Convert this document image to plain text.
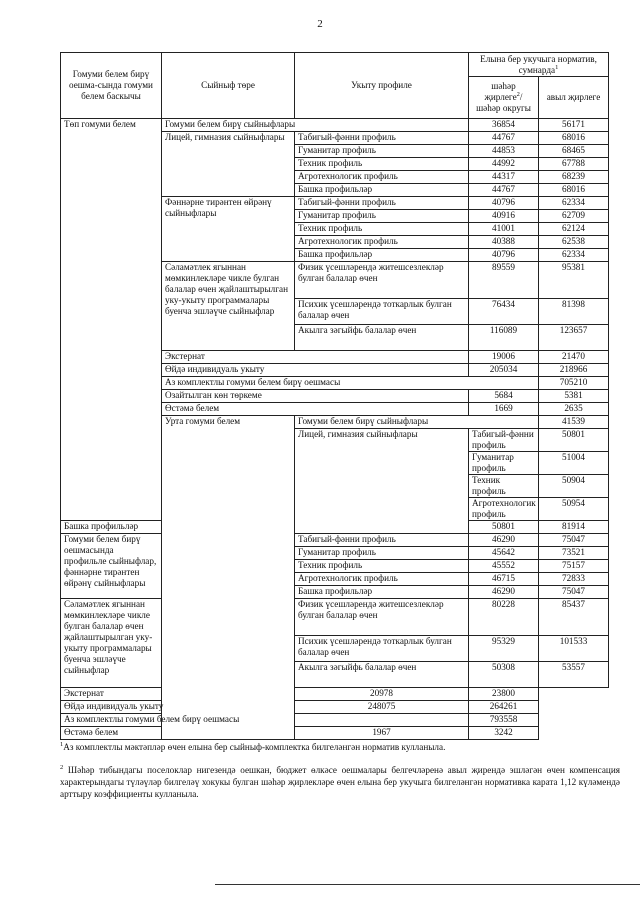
2
Гомуми белем бирү оешма-сында гомуми белем баскычы	Сыйныф төре	Укыту профиле	Елына бер укучыга норматив, сумнарда$^1$
			шәһәр җирлеге$^2$/ шәһәр округы	авыл җирлеге	
Төп гомуми белем	Гомуми белем бирү сыйныфлары		36854	56171	
	Лицей, гимназия сыйныфлары	Табигый-фәнни профиль	44767	68016	
		Гуманитар профиль	44853	68465	
		Техник профиль	44992	67788	
		Агротехнологик профиль	44317	68239	
		Башка профильләр	44767	68016	
	Фәннәрне тирәнтен өйрәнү сыйныфлары	Табигый-фәнни профиль	40796	62334	
		Гуманитар профиль	40916	62709	
		Техник профиль	41001	62124	
		Агротехнологик профиль	40388	62538	
		Башка профильләр	40796	62334	
	Сәламәтлек ягыннан мөмкинлекләре чикле булган балалар өчен җайлаштырылган уку-укыту программалары буенча эшләүче сыйныфлар	Физик үсешләрендә житешсезлекләр булган балалар өчен	89559	95381	
		Психик үсешләрендә тоткарлык булган балалар өчен	76434	81398	
		Акылга зәгыйфь балалар өчен	116089	123657	
	Экстернат		19006	21470	
	Өйдә индивидуаль укыту		205034	218966	
	Аз комплектлы гомуми белем бирү оешмасы			705210	
	Озайтылган көн төркеме		5684	5381	
	Өстәмә белем		1669	2635	
	Урта гомуми белем	Гомуми белем бирү сыйныфлары		41539	
		Лицей, гимназия сыйныфлары	Табигый-фәнни профиль	50801	
			Гуманитар профиль	51004	
			Техник профиль	50904	
			Агротехнологик профиль	50954	
Башка профильләр			50801	81914	
Гомуми белем бирү оешмасында профильле сыйныфлар, фәннәрне тирәнтен өйрәнү сыйныфлары		Табигый-фәнни профиль	46290	75047	
		Гуманитар профиль	45642	73521	
		Техник профиль	45552	75157	
		Агротехнологик профиль	46715	72833	
		Башка профильләр	46290	75047	
Сәламәтлек ягыннан мөмкинлекләре чикле булган балалар өчен җайлаштырылган уку-укыту программалары буенча эшләүче сыйныфлар		Физик үсешләрендә житешсезлекләр булган балалар өчен	80228	85437	
		Психик үсешләрендә тоткарлык булган балалар өчен	95329	101533	
		Акылга зәгыйфь балалар өчен	50308	53557	
Экстернат		20978	23800		
Өйдә индивидуаль укыту		248075	264261		
Аз комплектлы гомуми белем бирү оешмасы			793558		
Өстәмә белем		1967	3242		
$^1$Аз комплектлы мәктәпләр өчен елына бер сыйныф-комплектка билгеләнгән норматив кулланыла.
$^2$ Шәһәр тибындагы поселоклар нигезендә оешкан, бюджет өлкәсе оешмалары белгечләренә авыл җирендә эшләгән өчен компенсация характерындагы түләүләр билгеләү хокукы булган шәһәр җирлекләре өчен елына бер укучыга билгеләнгән нормативка карата 1,12 күләмендә арттыру коэффициенты кулланыла.
